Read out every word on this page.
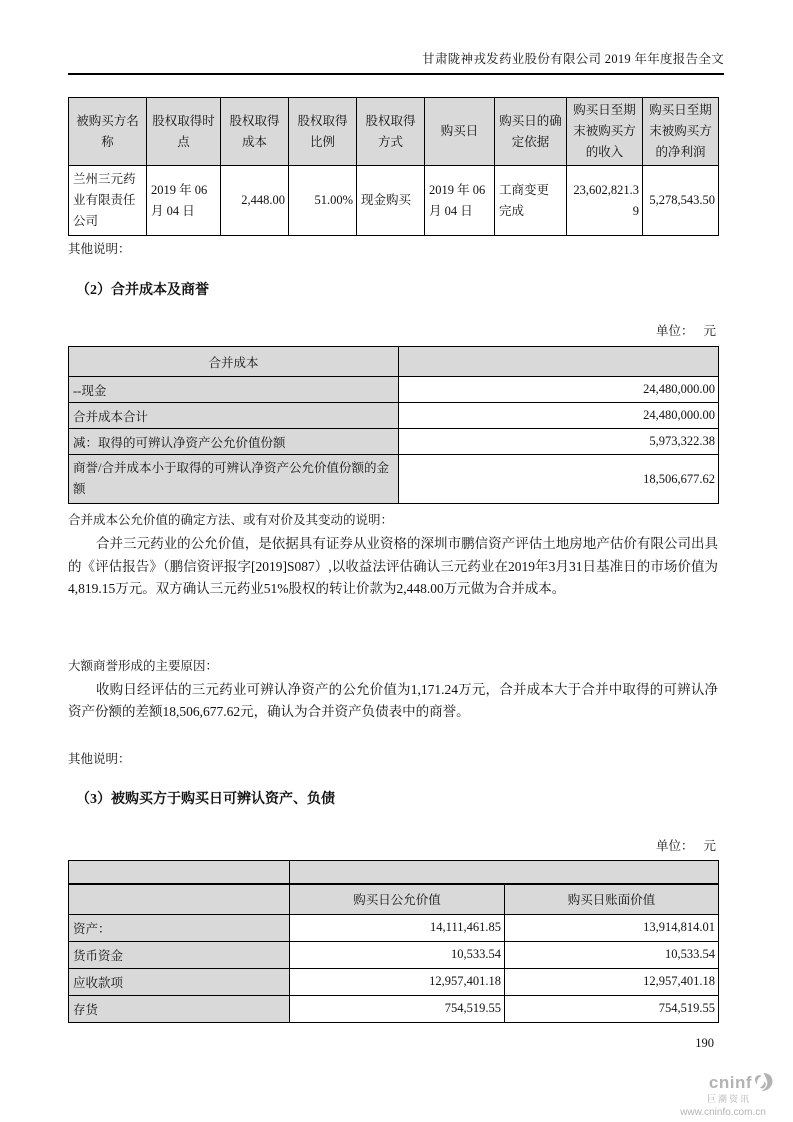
甘肃陇神戎发药业股份有限公司 2019 年年度报告全文
被购买方名称	股权取得时点	股权取得成本	股权取得比例	股权取得方式	购买日	购买日的确定依据	购买日至期末被购买方的收入	购买日至期末被购买方的净利润
兰州三元药业有限责任公司	2019 年 06 月 04 日	2,448.00	51.00%	现金购买	2019 年 06 月 04 日	工商变更完成	23,602,821.39	5,278,543.50

其他说明：

（2）合并成本及商誉

单位： 元

合并成本	
--现金	24,480,000.00
合并成本合计	24,480,000.00
减：取得的可辨认净资产公允价值份额	5,973,322.38
商誉/合并成本小于取得的可辨认净资产公允价值份额的金额	18,506,677.62

合并成本公允价值的确定方法、或有对价及其变动的说明：

合并三元药业的公允价值，是依据具有证券从业资格的深圳市鹏信资产评估土地房地产估价有限公司出具的《评估报告》（鹏信资评报字[2019]S087）,以收益法评估确认三元药业在2019年3月31日基准日的市场价值为4,819.15万元。双方确认三元药业51%股权的转让价款为2,448.00万元做为合并成本。

大额商誉形成的主要原因：

收购日经评估的三元药业可辨认净资产的公允价值为1,171.24万元，合并成本大于合并中取得的可辨认净资产份额的差额18,506,677.62元，确认为合并资产负债表中的商誉。

其他说明：

（3）被购买方于购买日可辨认资产、负债

单位： 元

	购买日公允价值	购买日账面价值
资产：	14,111,461.85	13,914,814.01
货币资金	10,533.54	10,533.54
应收款项	12,957,401.18	12,957,401.18
存货	754,519.55	754,519.55
190
cninf
巨潮资讯
www.cninfo.com.cn
